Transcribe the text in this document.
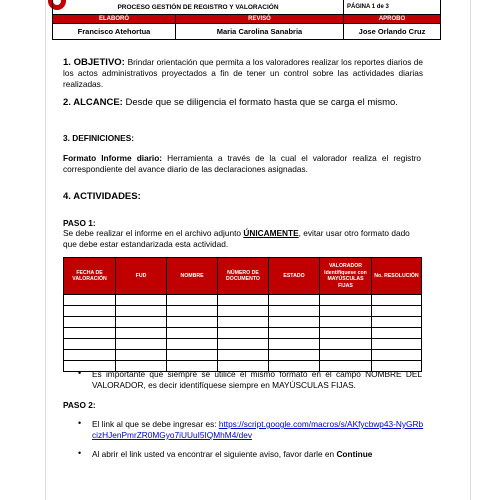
PROCESO GESTIÓN DE REGISTRO Y VALORACIÓN		PÁGINA 1 de 3
ELABORÓ	REVISÓ	APROBO
Francisco Atehortua	Maria Carolina Sanabria	Jose Orlando Cruz
1. OBJETIVO: Brindar orientación que permita a los valoradores realizar los reportes diarios de los actos administrativos proyectados a fin de tener un control sobre las actividades diarias realizadas.
2. ALCANCE: Desde que se diligencia el formato hasta que se carga el mismo.
3. DEFINICIONES:
Formato Informe diario: Herramienta a través de la cual el valorador realiza el registro correspondiente del avance diario de las declaraciones asignadas.
4. ACTIVIDADES:
PASO 1:
Se debe realizar el informe en el archivo adjunto ÚNICAMENTE, evitar usar otro formato dado que debe estar estandarizada esta actividad.
FECHA DE VALORACIÓN	FUD	NOMBRE	NÚMERO DE DOCUMENTO	ESTADO	VALORADOR Identifíquese con MAYÚSCULAS FIJAS	No. RESOLUCIÓN

• Es importante que siempre se utilice el mismo formato en el campo NOMBRE DEL VALORADOR, es decir identifíquese siempre en MAYÚSCULAS FIJAS.
PASO 2:
• El link al que se debe ingresar es: https://script.google.com/macros/s/AKfycbwp43-NyGRbcizHJenPmrZR0MGyo7iUUuI5IQMhM4/dev
• Al abrir el link usted va encontrar el siguiente aviso, favor darle en Continue
